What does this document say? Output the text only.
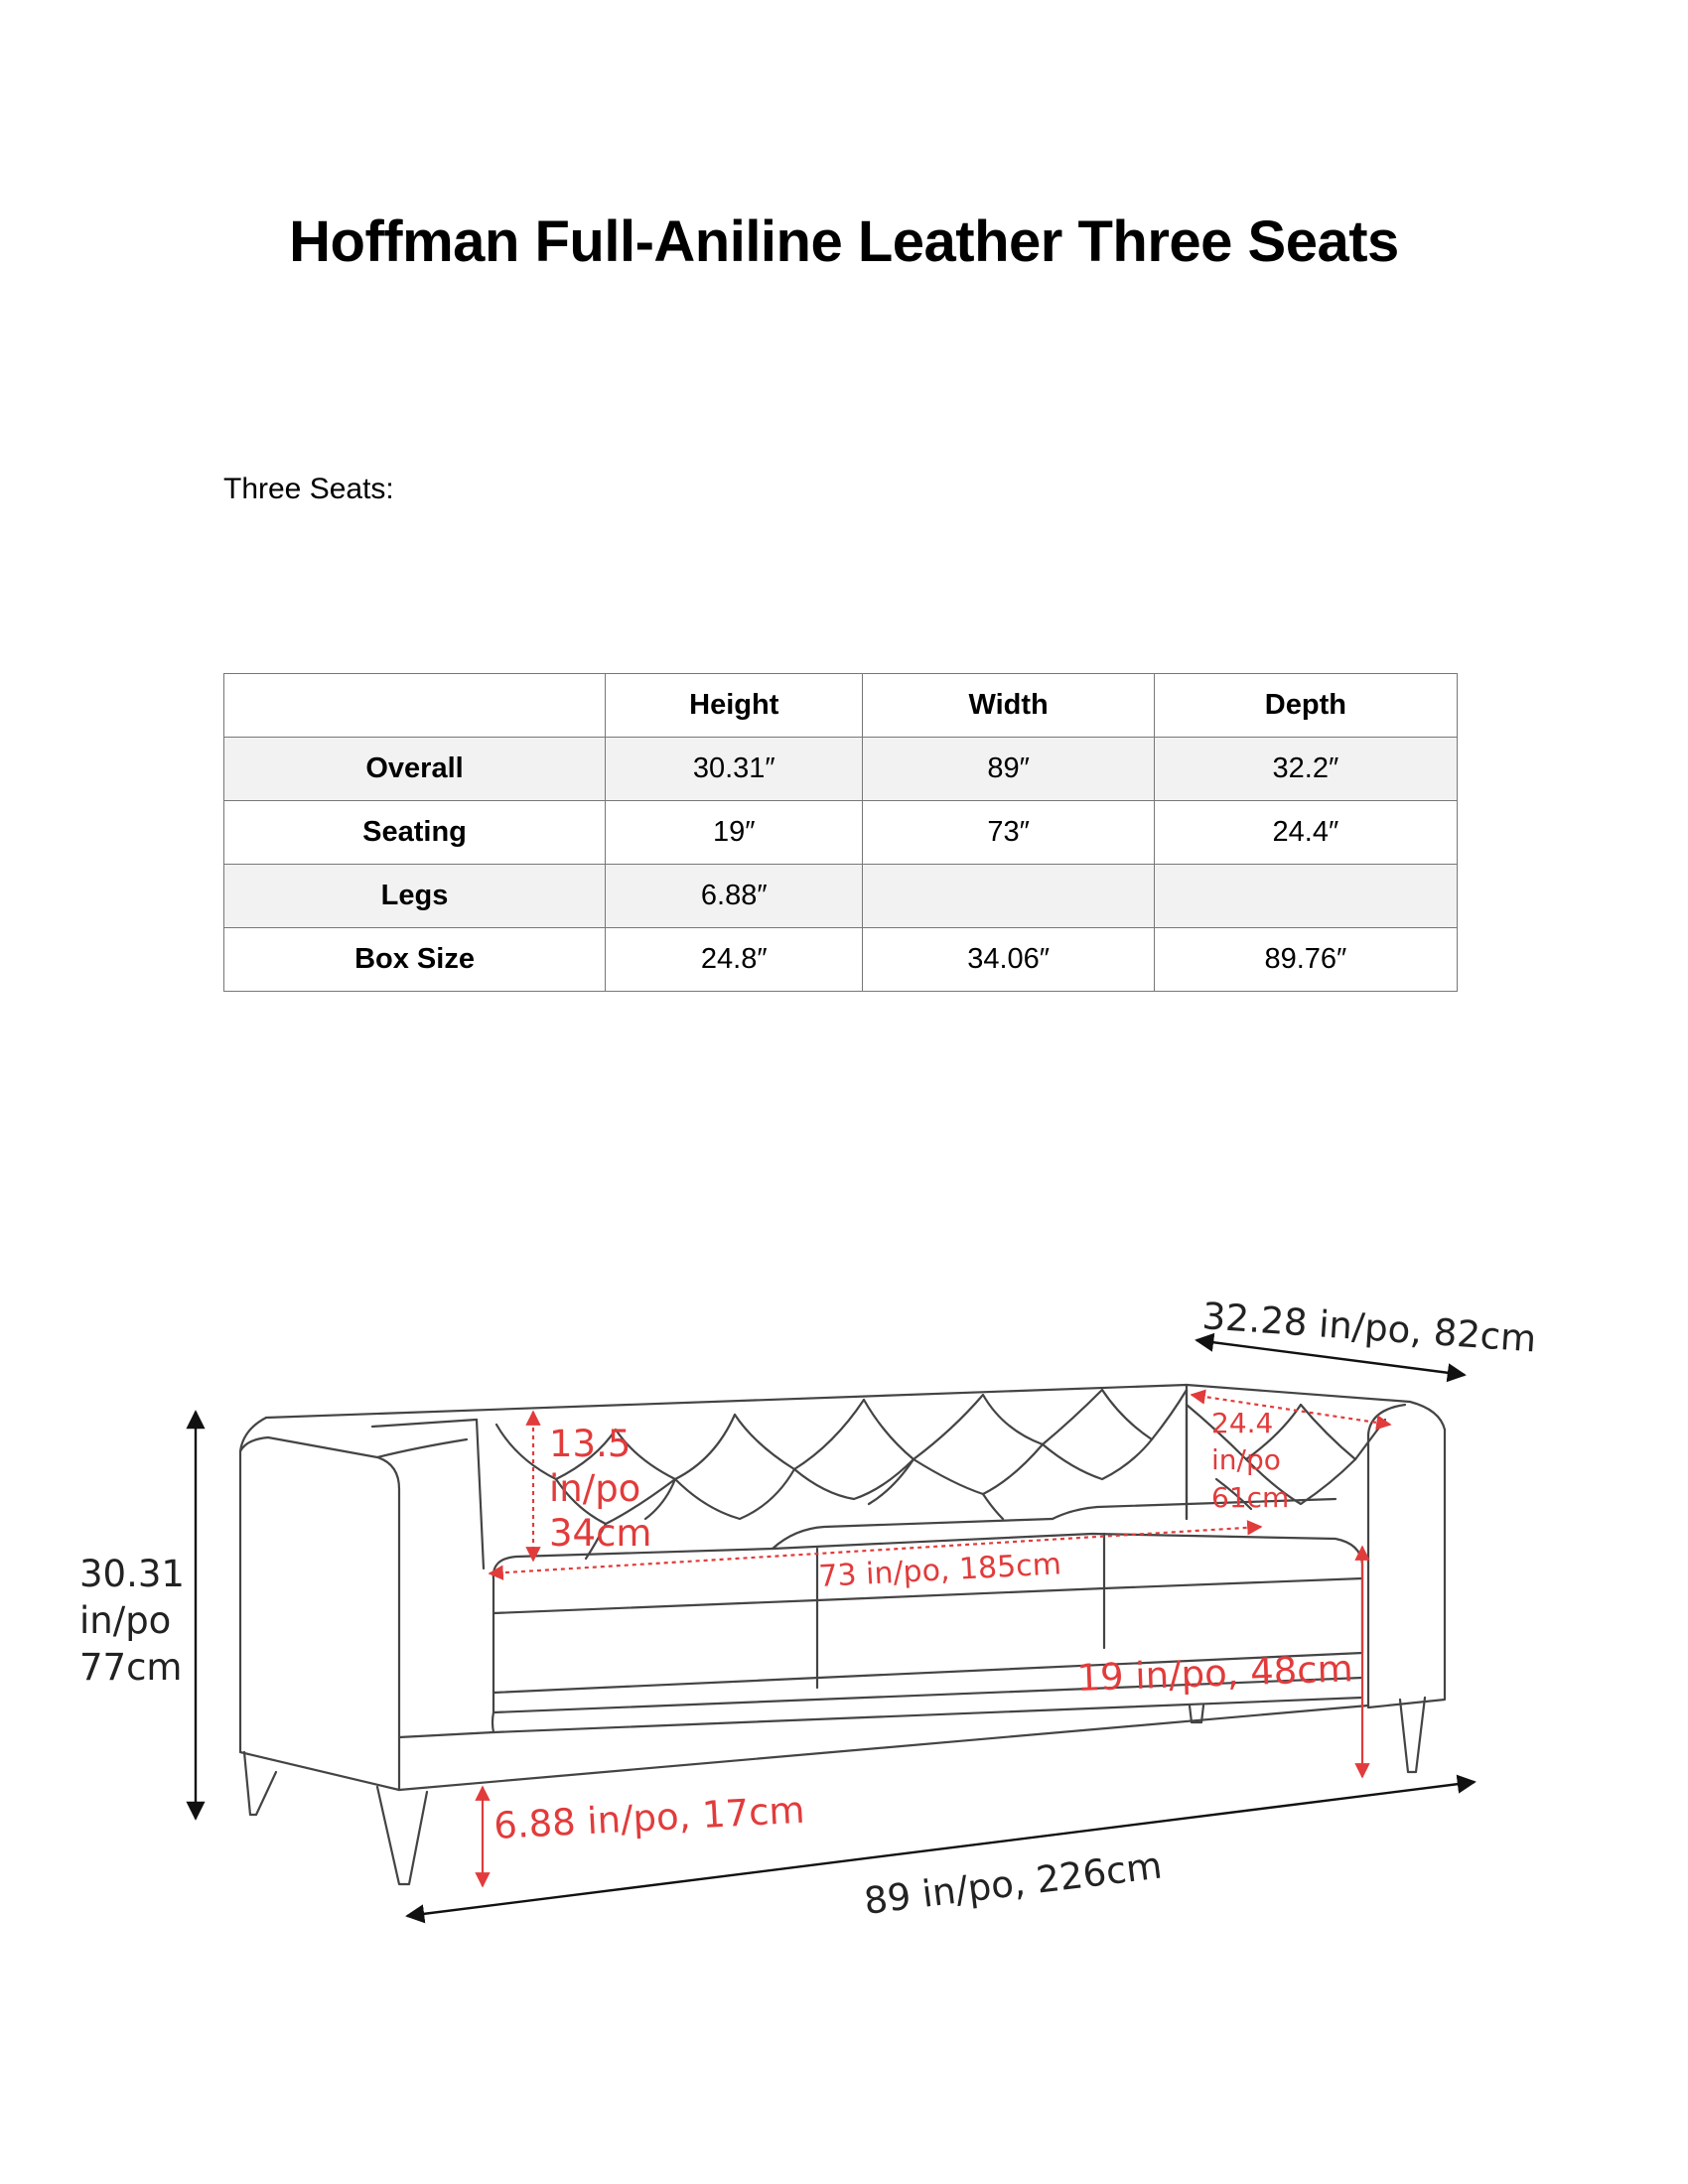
Hoffman Full-Aniline Leather Three Seats
Three Seats:
	Height	Width	Depth
Overall	30.31″	89″	32.2″
Seating	19″	73″	24.4″
Legs	6.88″		
Box Size	24.8″	34.06″	89.76″
32.28 in/po, 82cm
30.31
in/po
77cm
89 in/po, 226cm
13.5
in/po
34cm
24.4
in/po
61cm
73 in/po, 185cm
19 in/po, 48cm
6.88 in/po, 17cm
